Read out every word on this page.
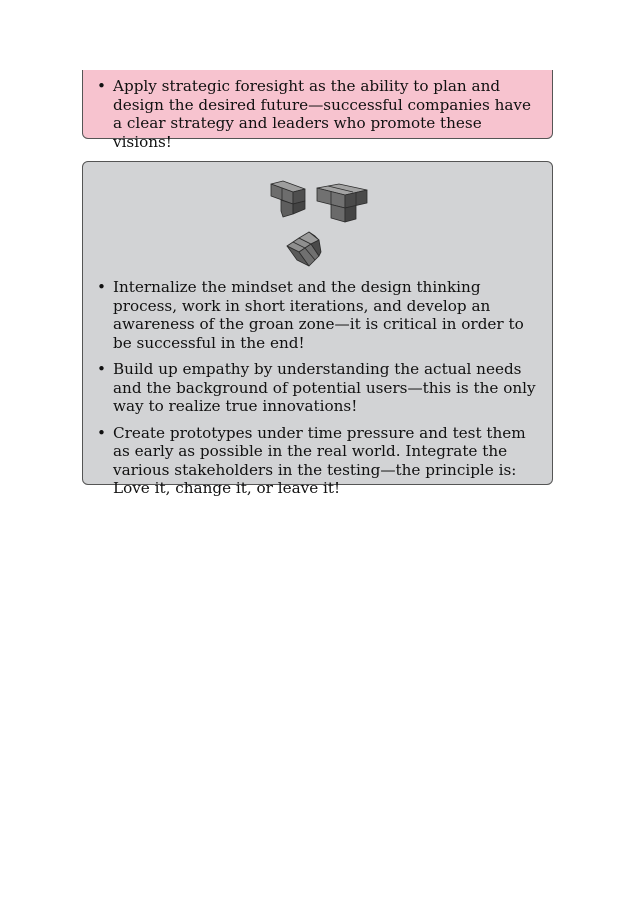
• Apply strategic foresight as the ability to plan and design the desired future—successful companies have a clear strategy and leaders who promote these visions!
• Internalize the mindset and the design thinking process, work in short iterations, and develop an awareness of the groan zone—it is critical in order to be successful in the end!
• Build up empathy by understanding the actual needs and the background of potential users—this is the only way to realize true innovations!
• Create prototypes under time pressure and test them as early as possible in the real world. Integrate the various stakeholders in the testing—the principle is: Love it, change it, or leave it!
